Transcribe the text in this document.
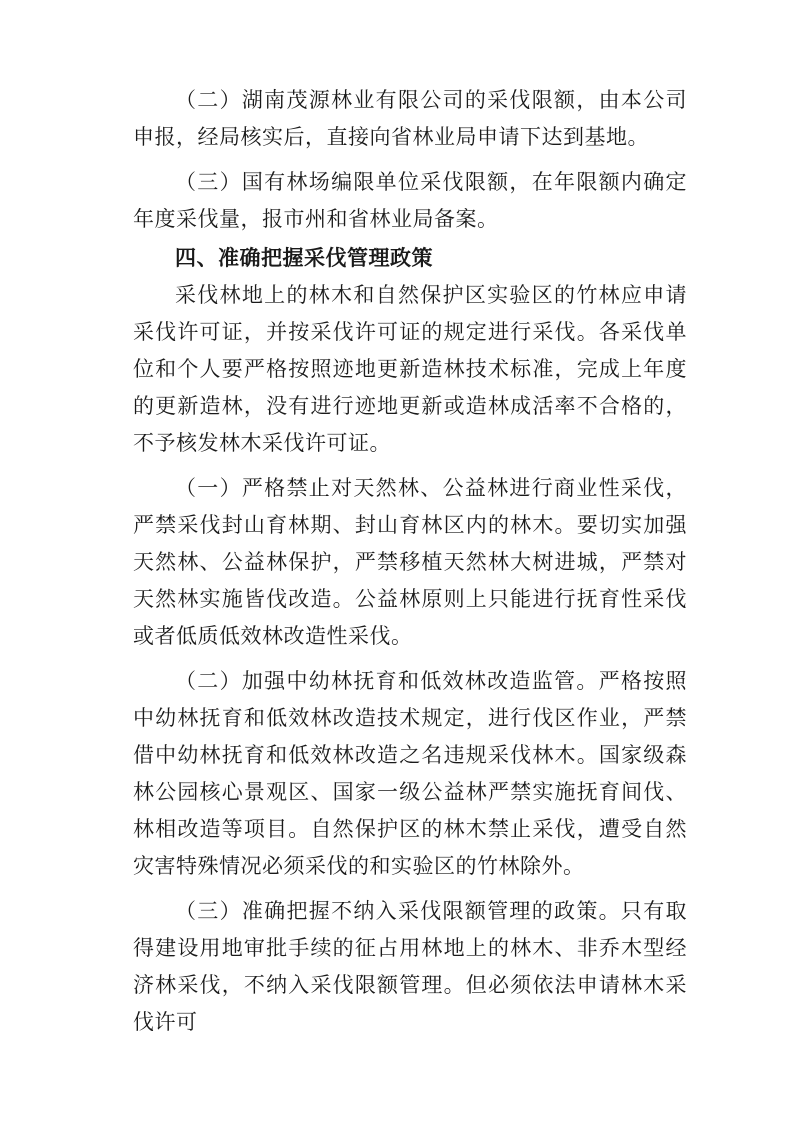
（二）湖南茂源林业有限公司的采伐限额，由本公司申报，经局核实后，直接向省林业局申请下达到基地。

（三）国有林场编限单位采伐限额，在年限额内确定年度采伐量，报市州和省林业局备案。

四、准确把握采伐管理政策

采伐林地上的林木和自然保护区实验区的竹林应申请采伐许可证，并按采伐许可证的规定进行采伐。各采伐单位和个人要严格按照迹地更新造林技术标准，完成上年度的更新造林，没有进行迹地更新或造林成活率不合格的，不予核发林木采伐许可证。

（一）严格禁止对天然林、公益林进行商业性采伐，严禁采伐封山育林期、封山育林区内的林木。要切实加强天然林、公益林保护，严禁移植天然林大树进城，严禁对天然林实施皆伐改造。公益林原则上只能进行抚育性采伐或者低质低效林改造性采伐。

（二）加强中幼林抚育和低效林改造监管。严格按照中幼林抚育和低效林改造技术规定，进行伐区作业，严禁借中幼林抚育和低效林改造之名违规采伐林木。国家级森林公园核心景观区、国家一级公益林严禁实施抚育间伐、林相改造等项目。自然保护区的林木禁止采伐，遭受自然灾害特殊情况必须采伐的和实验区的竹林除外。

（三）准确把握不纳入采伐限额管理的政策。只有取得建设用地审批手续的征占用林地上的林木、非乔木型经济林采伐，不纳入采伐限额管理。但必须依法申请林木采伐许可
